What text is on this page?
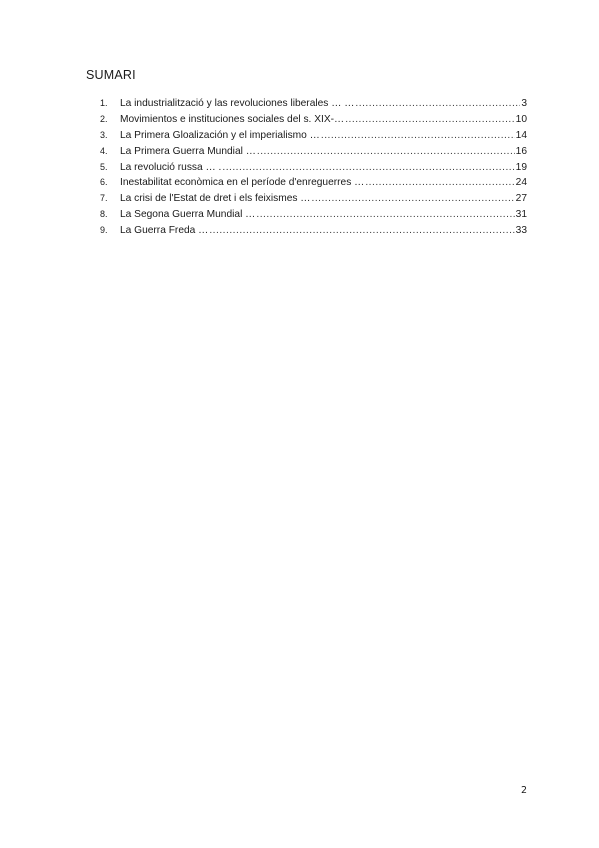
SUMARI
1.	La industrialització y las revoluciones liberales … … .....	3
2.	Movimientos e instituciones sociales del s. XIX-… .....	10
3.	La Primera Gloalización y el imperialismo … .....	14
4.	La Primera Guerra Mundial … .....	16
5.	La revolució russa … . .....	19
6.	Inestabilitat econòmica en el període d'enreguerres … .....	24
7.	La crisi de l'Estat de dret i els feixismes … .....	27
8.	La Segona Guerra Mundial … .....	31
9.	La Guerra Freda … .....	33
2
